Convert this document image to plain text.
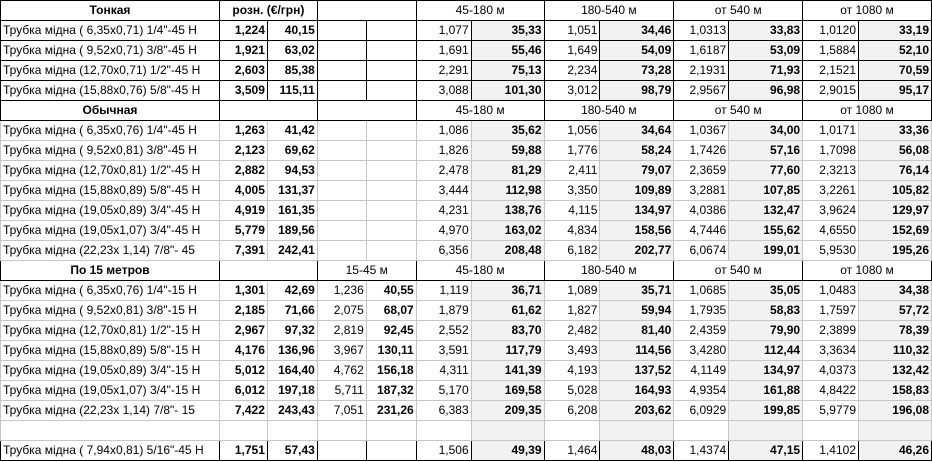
Тонкая	розн. (€/грн)				45-180 м		180-540 м		от 540 м		от 1080 м	
Трубка мідна ( 6,35x0,71) 1/4"-45 Н	1,224	40,15			1,077	35,33	1,051	34,46	1,0313	33,83	1,0120	33,19
Трубка мідна ( 9,52x0,71) 3/8"-45 Н	1,921	63,02			1,691	55,46	1,649	54,09	1,6187	53,09	1,5884	52,10
Трубка мідна (12,70x0,71) 1/2"-45 Н	2,603	85,38			2,291	75,13	2,234	73,28	2,1931	71,93	2,1521	70,59
Трубка мідна (15,88x0,76) 5/8"-45 Н	3,509	115,11			3,088	101,30	3,012	98,79	2,9567	96,98	2,9015	95,17
Обычная					45-180 м		180-540 м		от 540 м		от 1080 м	
Трубка мідна ( 6,35x0,76) 1/4"-45 Н	1,263	41,42			1,086	35,62	1,056	34,64	1,0367	34,00	1,0171	33,36
Трубка мідна ( 9,52x0,81) 3/8"-45 Н	2,123	69,62			1,826	59,88	1,776	58,24	1,7426	57,16	1,7098	56,08
Трубка мідна (12,70x0,81) 1/2"-45 Н	2,882	94,53			2,478	81,29	2,411	79,07	2,3659	77,60	2,3213	76,14
Трубка мідна (15,88x0,89) 5/8"-45 Н	4,005	131,37			3,444	112,98	3,350	109,89	3,2881	107,85	3,2261	105,82
Трубка мідна (19,05x0,89) 3/4"-45 Н	4,919	161,35			4,231	138,76	4,115	134,97	4,0386	132,47	3,9624	129,97
Трубка мідна (19,05x1,07) 3/4"-45 Н	5,779	189,56			4,970	163,02	4,834	158,56	4,7446	155,62	4,6550	152,69
Трубка мідна (22,23x 1,14) 7/8"- 45	7,391	242,41			6,356	208,48	6,182	202,77	6,0674	199,01	5,9530	195,26
По 15 метров			15-45 м		45-180 м		180-540 м		от 540 м		от 1080 м	
Трубка мідна ( 6,35x0,76) 1/4"-15 Н	1,301	42,69	1,236	40,55	1,119	36,71	1,089	35,71	1,0685	35,05	1,0483	34,38
Трубка мідна ( 9,52x0,81) 3/8"-15 Н	2,185	71,66	2,075	68,07	1,879	61,62	1,827	59,94	1,7935	58,83	1,7597	57,72
Трубка мідна (12,70x0,81) 1/2"-15 Н	2,967	97,32	2,819	92,45	2,552	83,70	2,482	81,40	2,4359	79,90	2,3899	78,39
Трубка мідна (15,88x0,89) 5/8"-15 Н	4,176	136,96	3,967	130,11	3,591	117,79	3,493	114,56	3,4280	112,44	3,3634	110,32
Трубка мідна (19,05x0,89) 3/4"-15 Н	5,012	164,40	4,762	156,18	4,311	141,39	4,193	137,52	4,1149	134,97	4,0373	132,42
Трубка мідна (19,05x1,07) 3/4"-15 Н	6,012	197,18	5,711	187,32	5,170	169,58	5,028	164,93	4,9354	161,88	4,8422	158,83
Трубка мідна (22,23x 1,14) 7/8"- 15	7,422	243,43	7,051	231,26	6,383	209,35	6,208	203,62	6,0929	199,85	5,9779	196,08

Трубка мідна ( 7,94x0,81) 5/16"-45 Н	1,751	57,43			1,506	49,39	1,464	48,03	1,4374	47,15	1,4102	46,26
